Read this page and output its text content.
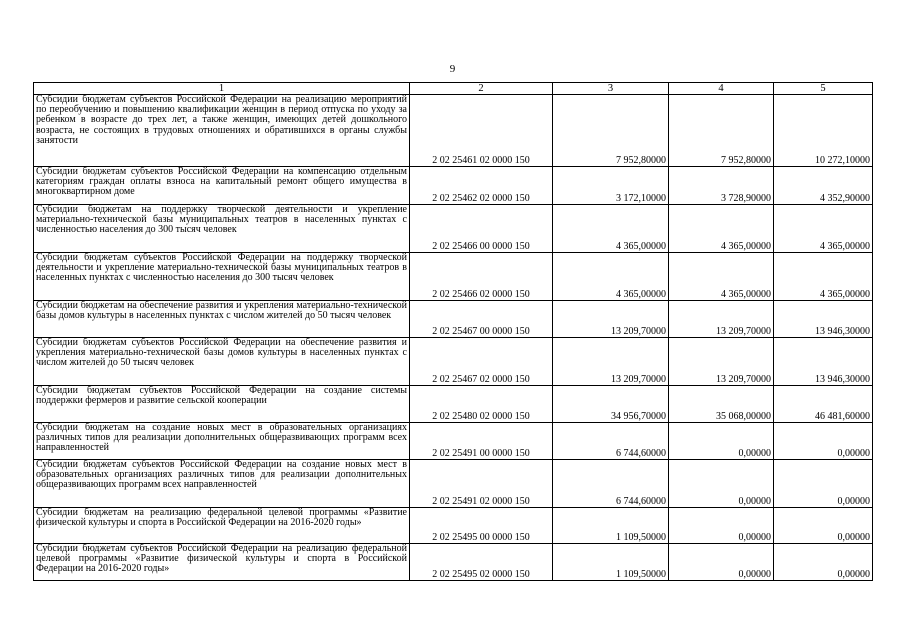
9
1	2	3	4	5
Субсидии бюджетам субъектов Российской Федерации на реализацию мероприятий по переобучению и повышению квалификации женщин в период отпуска по уходу за ребенком в возрасте до трех лет, а также женщин, имеющих детей дошкольного возраста, не состоящих в трудовых отношениях и обратившихся в органы службы занятости	2 02 25461 02 0000 150	7 952,80000	7 952,80000	10 272,10000
Субсидии бюджетам субъектов Российской Федерации на компенсацию отдельным категориям граждан оплаты взноса на капитальный ремонт общего имущества в многоквартирном доме	2 02 25462 02 0000 150	3 172,10000	3 728,90000	4 352,90000
Субсидии бюджетам на поддержку творческой деятельности и укрепление материально-технической базы муниципальных театров в населенных пунктах с численностью населения до 300 тысяч человек	2 02 25466 00 0000 150	4 365,00000	4 365,00000	4 365,00000
Субсидии бюджетам субъектов Российской Федерации на поддержку творческой деятельности и укрепление материально-технической базы муниципальных театров в населенных пунктах с численностью населения до 300 тысяч человек	2 02 25466 02 0000 150	4 365,00000	4 365,00000	4 365,00000
Субсидии бюджетам на обеспечение развития и укрепления материально-технической базы домов культуры в населенных пунктах с числом жителей до 50 тысяч человек	2 02 25467 00 0000 150	13 209,70000	13 209,70000	13 946,30000
Субсидии бюджетам субъектов Российской Федерации на обеспечение развития и укрепления материально-технической базы домов культуры в населенных пунктах с числом жителей до 50 тысяч человек	2 02 25467 02 0000 150	13 209,70000	13 209,70000	13 946,30000
Субсидии бюджетам субъектов Российской Федерации на создание системы поддержки фермеров и развитие сельской кооперации	2 02 25480 02 0000 150	34 956,70000	35 068,00000	46 481,60000
Субсидии бюджетам на создание новых мест в образовательных организациях различных типов для реализации дополнительных общеразвивающих программ всех направленностей	2 02 25491 00 0000 150	6 744,60000	0,00000	0,00000
Субсидии бюджетам субъектов Российской Федерации на создание новых мест в образовательных организациях различных типов для реализации дополнительных общеразвивающих программ всех направленностей	2 02 25491 02 0000 150	6 744,60000	0,00000	0,00000
Субсидии бюджетам на реализацию федеральной целевой программы «Развитие физической культуры и спорта в Российской Федерации на 2016-2020 годы»	2 02 25495 00 0000 150	1 109,50000	0,00000	0,00000
Субсидии бюджетам субъектов Российской Федерации на реализацию федеральной целевой программы «Развитие физической культуры и спорта в Российской Федерации на 2016-2020 годы»	2 02 25495 02 0000 150	1 109,50000	0,00000	0,00000
